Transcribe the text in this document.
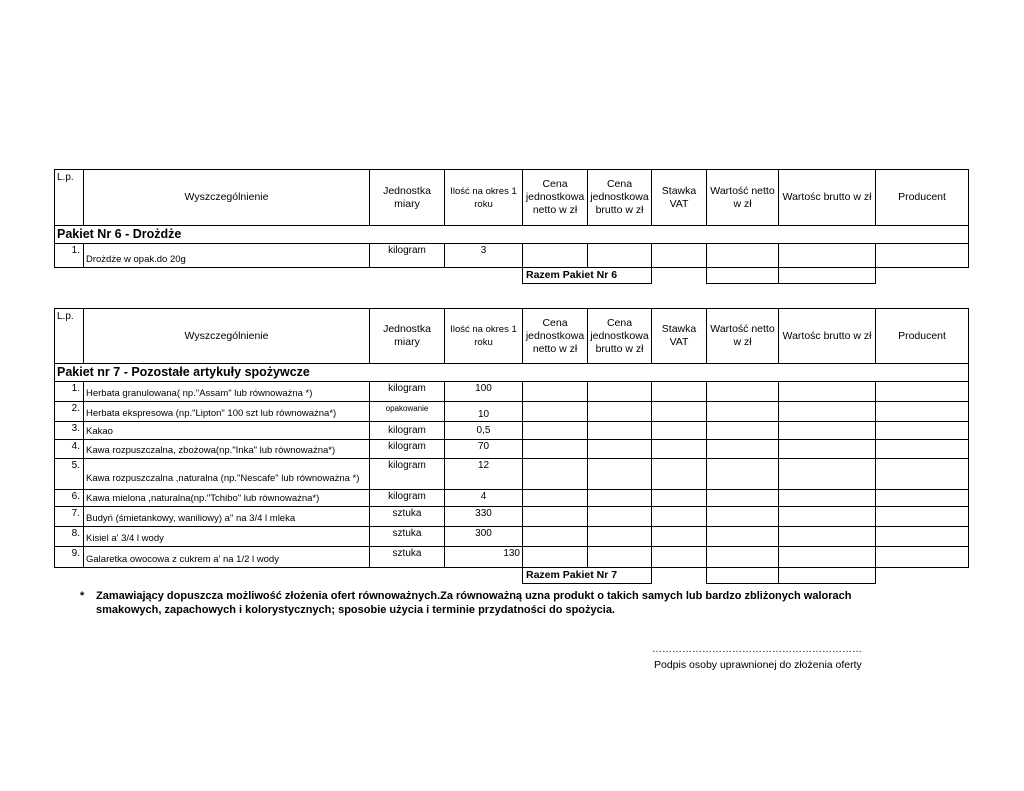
L.p.	Wyszczególnienie	Jednostka miary	Ilość na okres 1 roku	Cena jednostkowa netto w zł	Cena jednostkowa brutto w zł	Stawka VAT	Wartość netto w zł	Wartośc brutto w zł	Producent
Pakiet Nr 6 - Drożdże									
1.	Drożdże w opak.do 20g	kilogram	3						
				Razem Pakiet Nr 6					
L.p.	Wyszczególnienie	Jednostka miary	Ilość na okres 1 roku	Cena jednostkowa netto w zł	Cena jednostkowa brutto w zł	Stawka VAT	Wartość netto w zł	Wartośc brutto w zł	Producent
Pakiet nr 7 - Pozostałe artykuły spożywcze									
1.	Herbata granulowana( np."Assam" lub równoważna *)	kilogram	100						
2.	Herbata ekspresowa (np."Lipton" 100 szt lub równoważna*)	opakowanie	10						
3.	Kakao	kilogram	0,5						
4.	Kawa rozpuszczalna, zbożowa(np."Inka" lub równoważna*)	kilogram	70						
5.	Kawa rozpuszczalna ,naturalna (np."Nescafe" lub równoważna *)	kilogram	12						
6.	Kawa mielona ,naturalna(np."Tchibo" lub równoważna*)	kilogram	4						
7.	Budyń (śmietankowy, waniliowy) a" na 3/4 l mleka	sztuka	330						
8.	Kisiel a' 3/4 l wody	sztuka	300						
9.	Galaretka owocowa z cukrem a' na 1/2 l wody	sztuka	130						
				Razem Pakiet Nr 7					
* Zamawiający dopuszcza możliwość złożenia ofert równoważnych.Za równoważną uzna produkt o takich samych lub bardzo zbliżonych walorach smakowych, zapachowych i kolorystycznych; sposobie użycia i terminie przydatności do spożycia.
………………………………………………………
Podpis osoby uprawnionej do złożenia oferty
